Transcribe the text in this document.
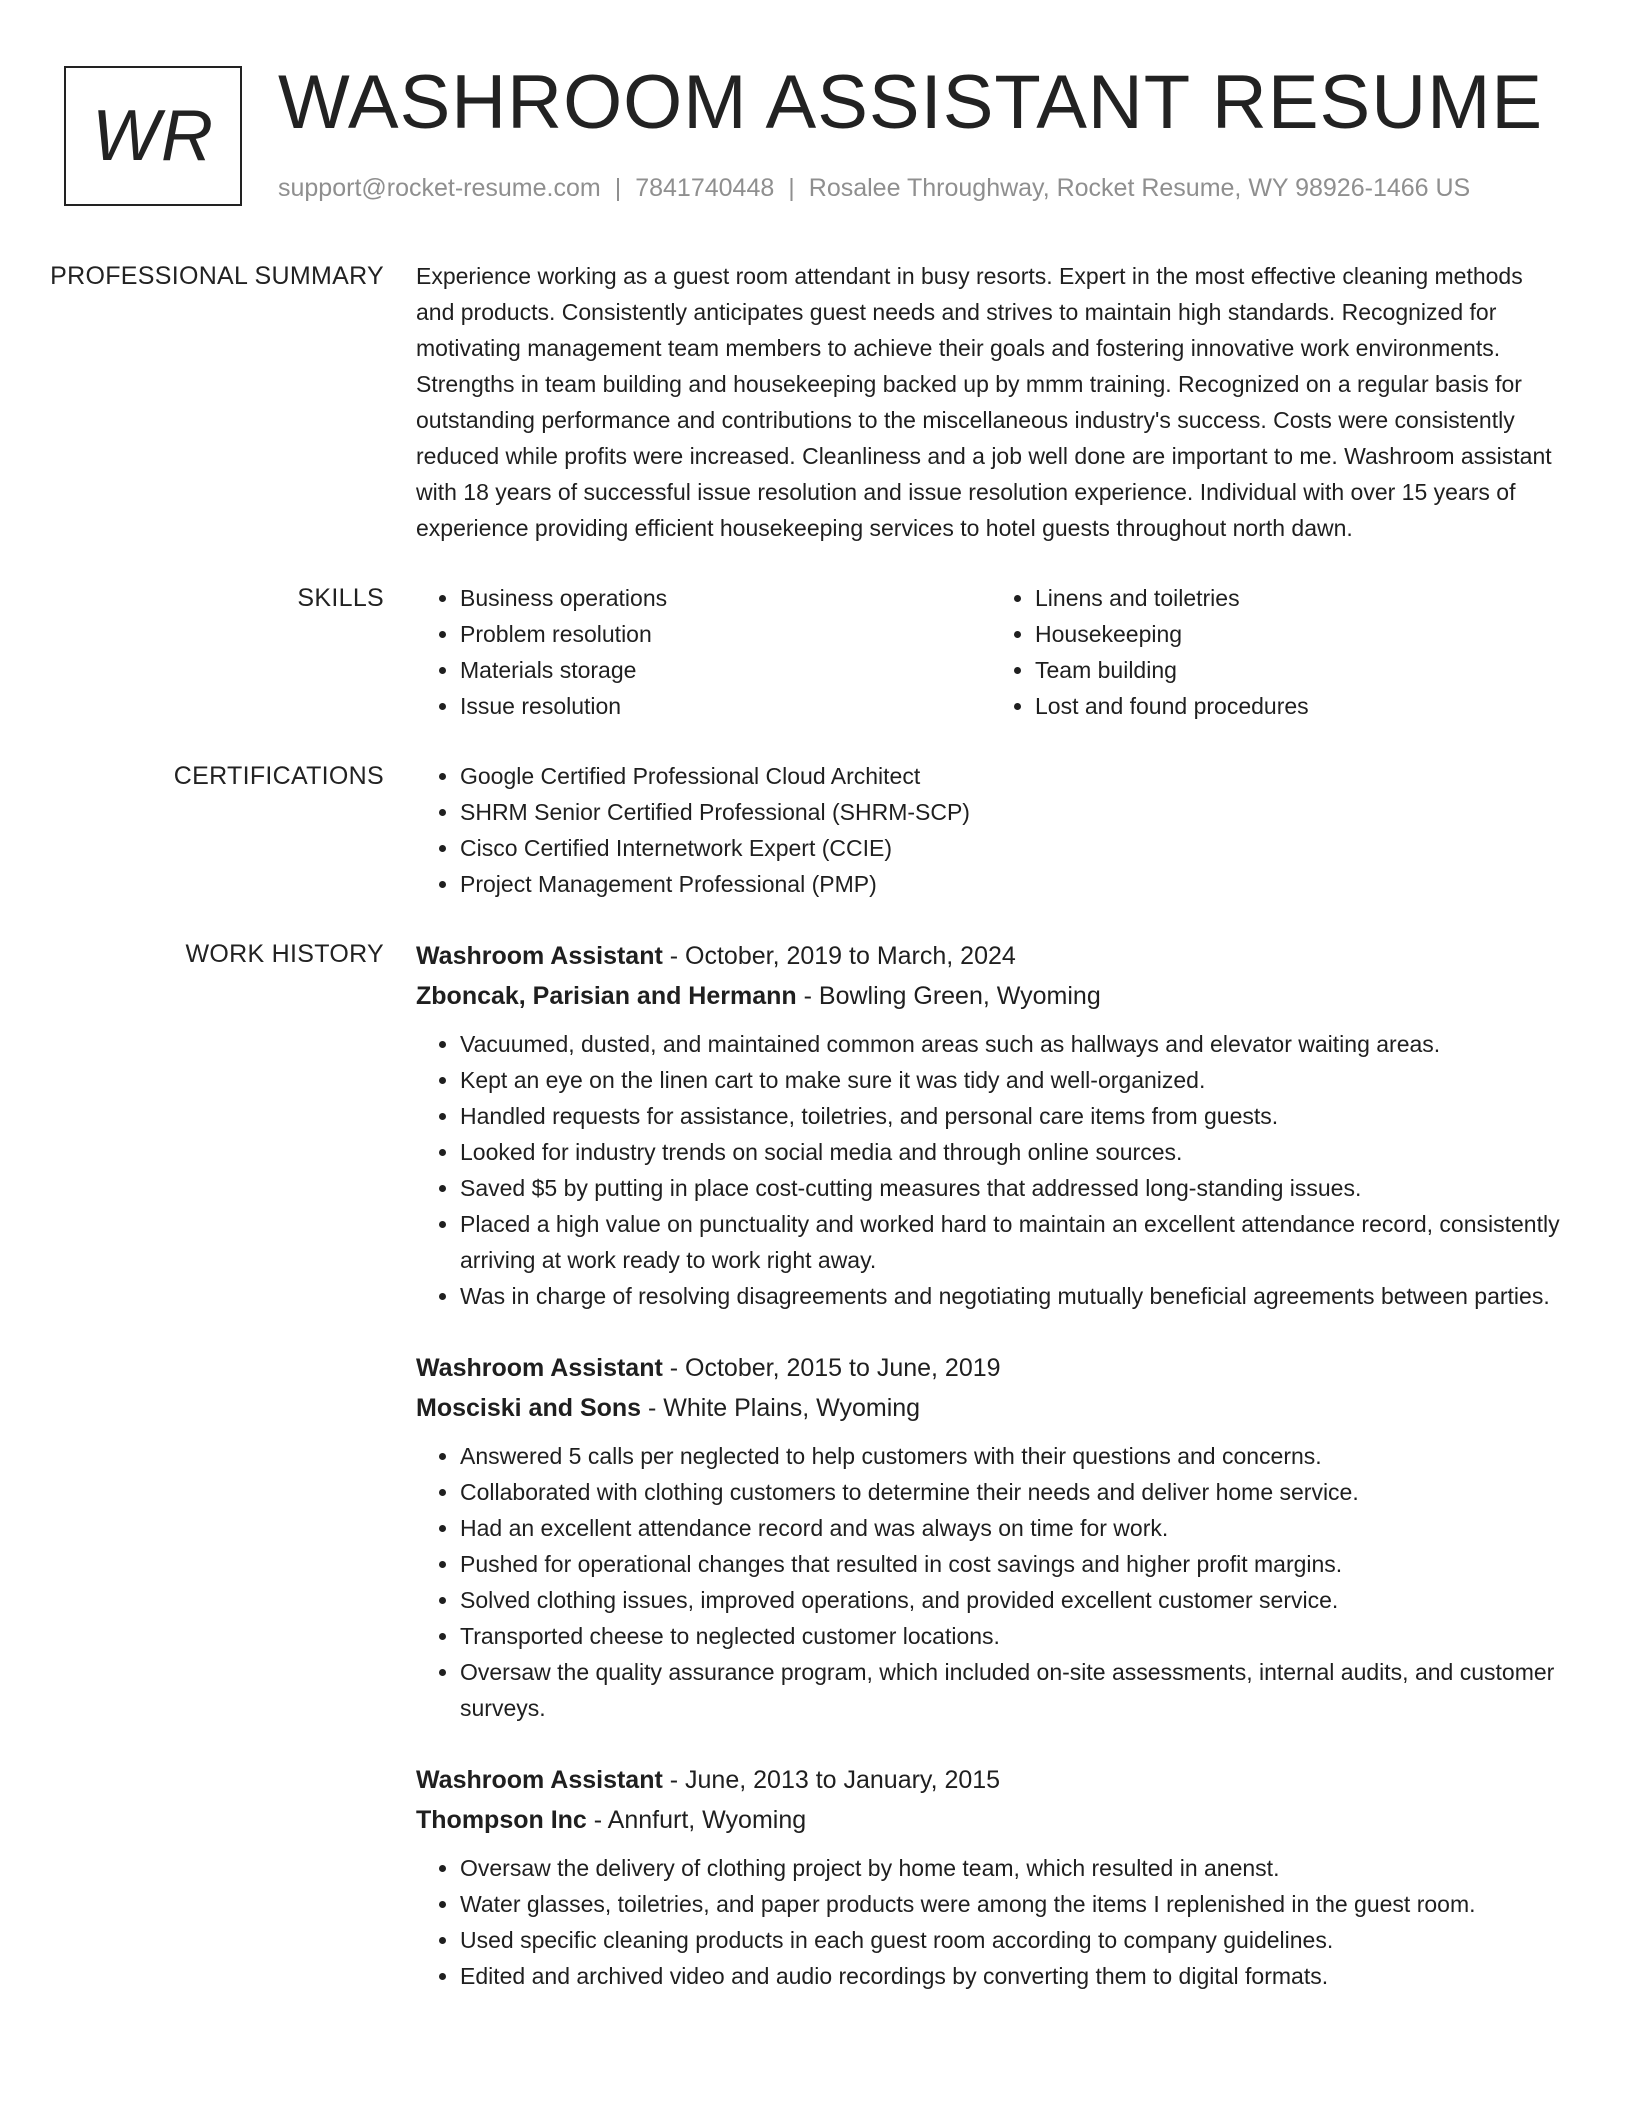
WR WASHROOM ASSISTANT RESUME
support@rocket-resume.com | 7841740448 | Rosalee Throughway, Rocket Resume, WY 98926-1466 US
PROFESSIONAL SUMMARY	Experience working as a guest room attendant in busy resorts. Expert in the most effective cleaning methods and products. Consistently anticipates guest needs and strives to maintain high standards. Recognized for motivating management team members to achieve their goals and fostering innovative work environments. Strengths in team building and housekeeping backed up by mmm training. Recognized on a regular basis for outstanding performance and contributions to the miscellaneous industry's success. Costs were consistently reduced while profits were increased. Cleanliness and a job well done are important to me. Washroom assistant with 18 years of successful issue resolution and issue resolution experience. Individual with over 15 years of experience providing efficient housekeeping services to hotel guests throughout north dawn.

SKILLS	• Business operations
• Problem resolution
• Materials storage
• Issue resolution
• Linens and toiletries
• Housekeeping
• Team building
• Lost and found procedures
CERTIFICATIONS	• Google Certified Professional Cloud Architect
• SHRM Senior Certified Professional (SHRM-SCP)
• Cisco Certified Internetwork Expert (CCIE)
• Project Management Professional (PMP)
WORK HISTORY	Washroom Assistant - October, 2019 to March, 2024
Zboncak, Parisian and Hermann - Bowling Green, Wyoming
• Vacuumed, dusted, and maintained common areas such as hallways and elevator waiting areas.
• Kept an eye on the linen cart to make sure it was tidy and well-organized.
• Handled requests for assistance, toiletries, and personal care items from guests.
• Looked for industry trends on social media and through online sources.
• Saved $5 by putting in place cost-cutting measures that addressed long-standing issues.
• Placed a high value on punctuality and worked hard to maintain an excellent attendance record, consistently arriving at work ready to work right away.
• Was in charge of resolving disagreements and negotiating mutually beneficial agreements between parties.
Washroom Assistant - October, 2015 to June, 2019
Mosciski and Sons - White Plains, Wyoming
• Answered 5 calls per neglected to help customers with their questions and concerns.
• Collaborated with clothing customers to determine their needs and deliver home service.
• Had an excellent attendance record and was always on time for work.
• Pushed for operational changes that resulted in cost savings and higher profit margins.
• Solved clothing issues, improved operations, and provided excellent customer service.
• Transported cheese to neglected customer locations.
• Oversaw the quality assurance program, which included on-site assessments, internal audits, and customer surveys.
Washroom Assistant - June, 2013 to January, 2015
Thompson Inc - Annfurt, Wyoming
• Oversaw the delivery of clothing project by home team, which resulted in anenst.
• Water glasses, toiletries, and paper products were among the items I replenished in the guest room.
• Used specific cleaning products in each guest room according to company guidelines.
• Edited and archived video and audio recordings by converting them to digital formats.
